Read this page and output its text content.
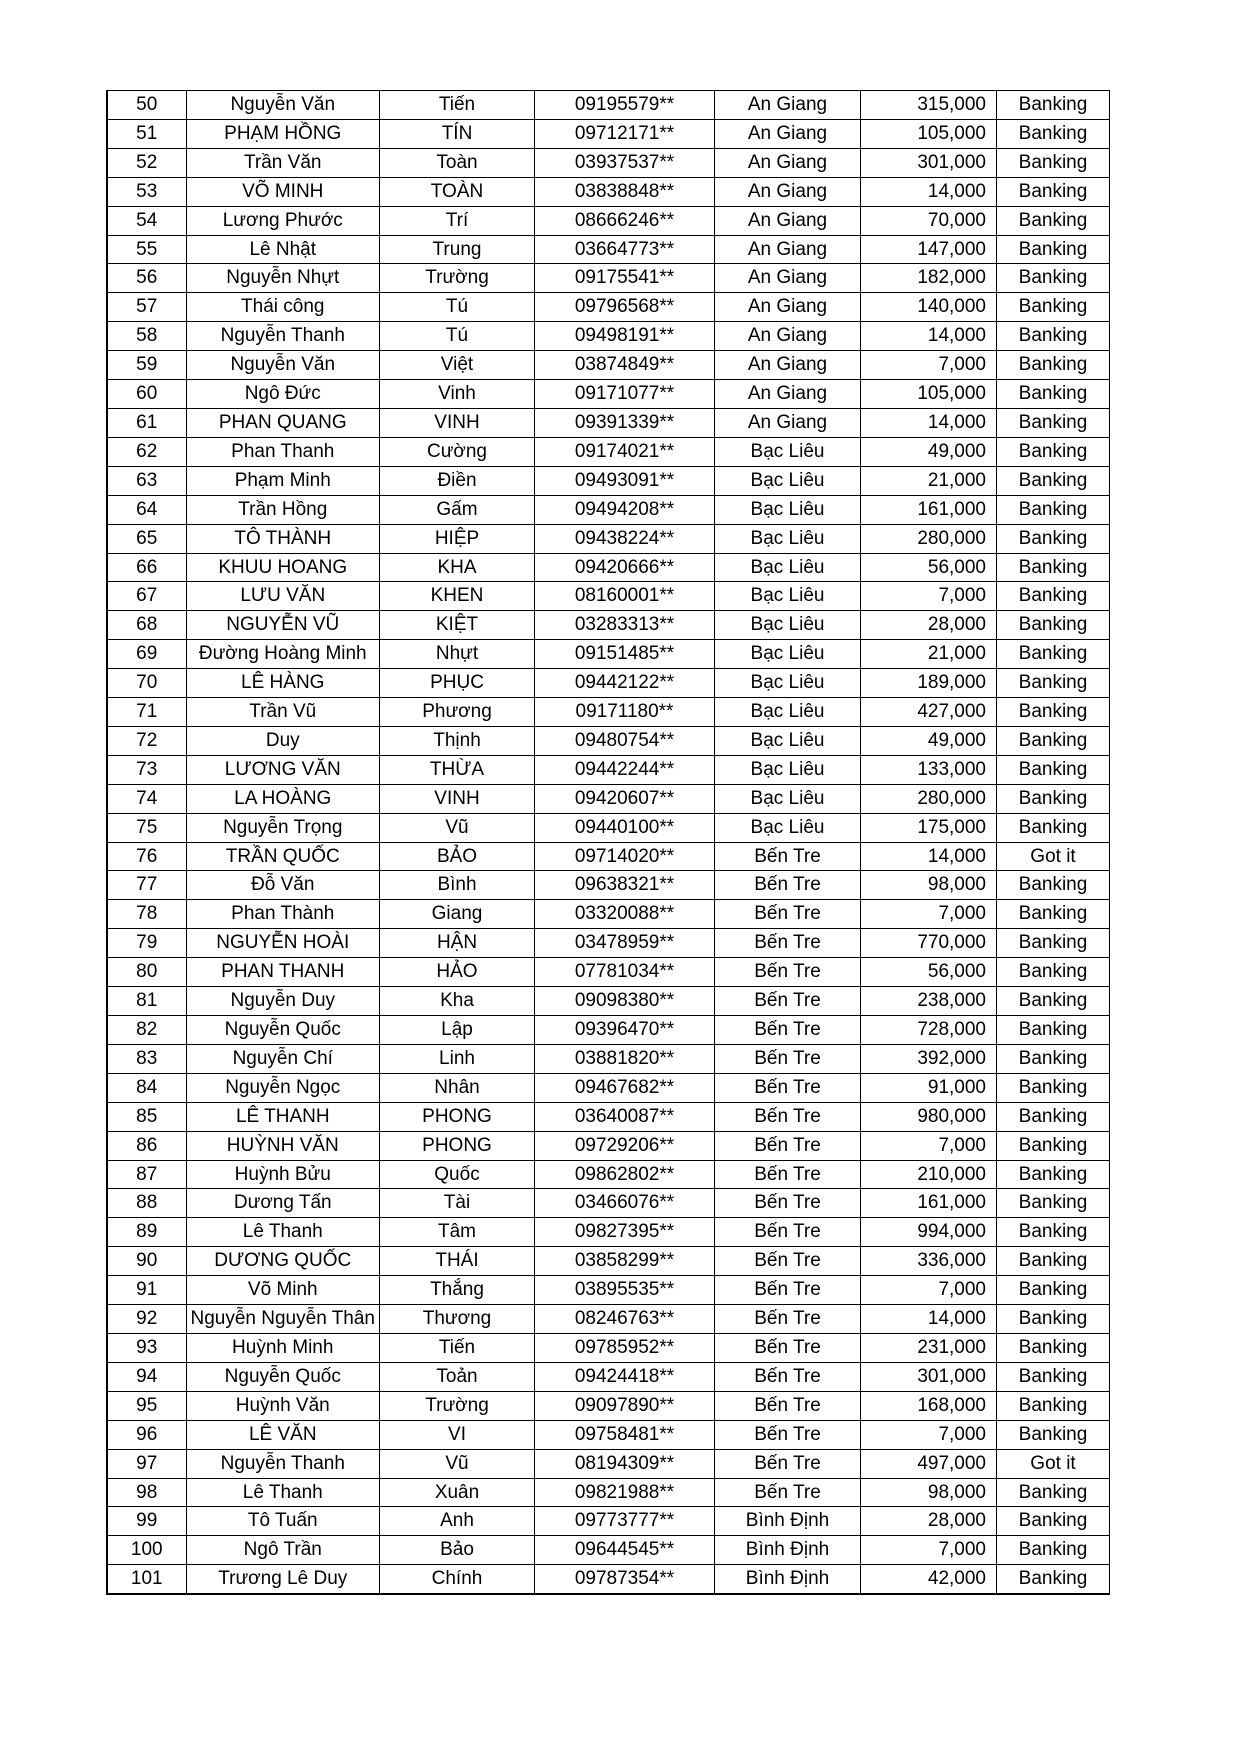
50	Nguyễn Văn	Tiến	09195579**	An Giang	315,000	Banking
51	PHẠM HỒNG	TÍN	09712171**	An Giang	105,000	Banking
52	Trần Văn	Toàn	03937537**	An Giang	301,000	Banking
53	VÕ MINH	TOÀN	03838848**	An Giang	14,000	Banking
54	Lương Phước	Trí	08666246**	An Giang	70,000	Banking
55	Lê Nhật	Trung	03664773**	An Giang	147,000	Banking
56	Nguyễn Nhựt	Trường	09175541**	An Giang	182,000	Banking
57	Thái công	Tú	09796568**	An Giang	140,000	Banking
58	Nguyễn Thanh	Tú	09498191**	An Giang	14,000	Banking
59	Nguyễn Văn	Việt	03874849**	An Giang	7,000	Banking
60	Ngô Đức	Vinh	09171077**	An Giang	105,000	Banking
61	PHAN QUANG	VINH	09391339**	An Giang	14,000	Banking
62	Phan Thanh	Cường	09174021**	Bạc Liêu	49,000	Banking
63	Phạm Minh	Điền	09493091**	Bạc Liêu	21,000	Banking
64	Trần Hồng	Gấm	09494208**	Bạc Liêu	161,000	Banking
65	TÔ THÀNH	HIỆP	09438224**	Bạc Liêu	280,000	Banking
66	KHUU HOANG	KHA	09420666**	Bạc Liêu	56,000	Banking
67	LƯU VĂN	KHEN	08160001**	Bạc Liêu	7,000	Banking
68	NGUYỄN VŨ	KIỆT	03283313**	Bạc Liêu	28,000	Banking
69	Đường Hoàng Minh	Nhựt	09151485**	Bạc Liêu	21,000	Banking
70	LÊ HÀNG	PHỤC	09442122**	Bạc Liêu	189,000	Banking
71	Trần Vũ	Phương	09171180**	Bạc Liêu	427,000	Banking
72	Duy	Thịnh	09480754**	Bạc Liêu	49,000	Banking
73	LƯƠNG VĂN	THỪA	09442244**	Bạc Liêu	133,000	Banking
74	LA HOÀNG	VINH	09420607**	Bạc Liêu	280,000	Banking
75	Nguyễn Trọng	Vũ	09440100**	Bạc Liêu	175,000	Banking
76	TRẦN QUỐC	BẢO	09714020**	Bến Tre	14,000	Got it
77	Đỗ Văn	Bình	09638321**	Bến Tre	98,000	Banking
78	Phan Thành	Giang	03320088**	Bến Tre	7,000	Banking
79	NGUYỄN HOÀI	HẬN	03478959**	Bến Tre	770,000	Banking
80	PHAN THANH	HẢO	07781034**	Bến Tre	56,000	Banking
81	Nguyễn Duy	Kha	09098380**	Bến Tre	238,000	Banking
82	Nguyễn Quốc	Lập	09396470**	Bến Tre	728,000	Banking
83	Nguyễn Chí	Linh	03881820**	Bến Tre	392,000	Banking
84	Nguyễn Ngọc	Nhân	09467682**	Bến Tre	91,000	Banking
85	LÊ THANH	PHONG	03640087**	Bến Tre	980,000	Banking
86	HUỲNH VĂN	PHONG	09729206**	Bến Tre	7,000	Banking
87	Huỳnh Bửu	Quốc	09862802**	Bến Tre	210,000	Banking
88	Dương Tấn	Tài	03466076**	Bến Tre	161,000	Banking
89	Lê Thanh	Tâm	09827395**	Bến Tre	994,000	Banking
90	DƯƠNG QUỐC	THÁI	03858299**	Bến Tre	336,000	Banking
91	Võ Minh	Thắng	03895535**	Bến Tre	7,000	Banking
92	Nguyễn Nguyễn Thân	Thương	08246763**	Bến Tre	14,000	Banking
93	Huỳnh Minh	Tiến	09785952**	Bến Tre	231,000	Banking
94	Nguyễn Quốc	Toản	09424418**	Bến Tre	301,000	Banking
95	Huỳnh Văn	Trường	09097890**	Bến Tre	168,000	Banking
96	LÊ VĂN	VI	09758481**	Bến Tre	7,000	Banking
97	Nguyễn Thanh	Vũ	08194309**	Bến Tre	497,000	Got it
98	Lê Thanh	Xuân	09821988**	Bến Tre	98,000	Banking
99	Tô Tuấn	Anh	09773777**	Bình Định	28,000	Banking
100	Ngô Trần	Bảo	09644545**	Bình Định	7,000	Banking
101	Trương Lê Duy	Chính	09787354**	Bình Định	42,000	Banking
